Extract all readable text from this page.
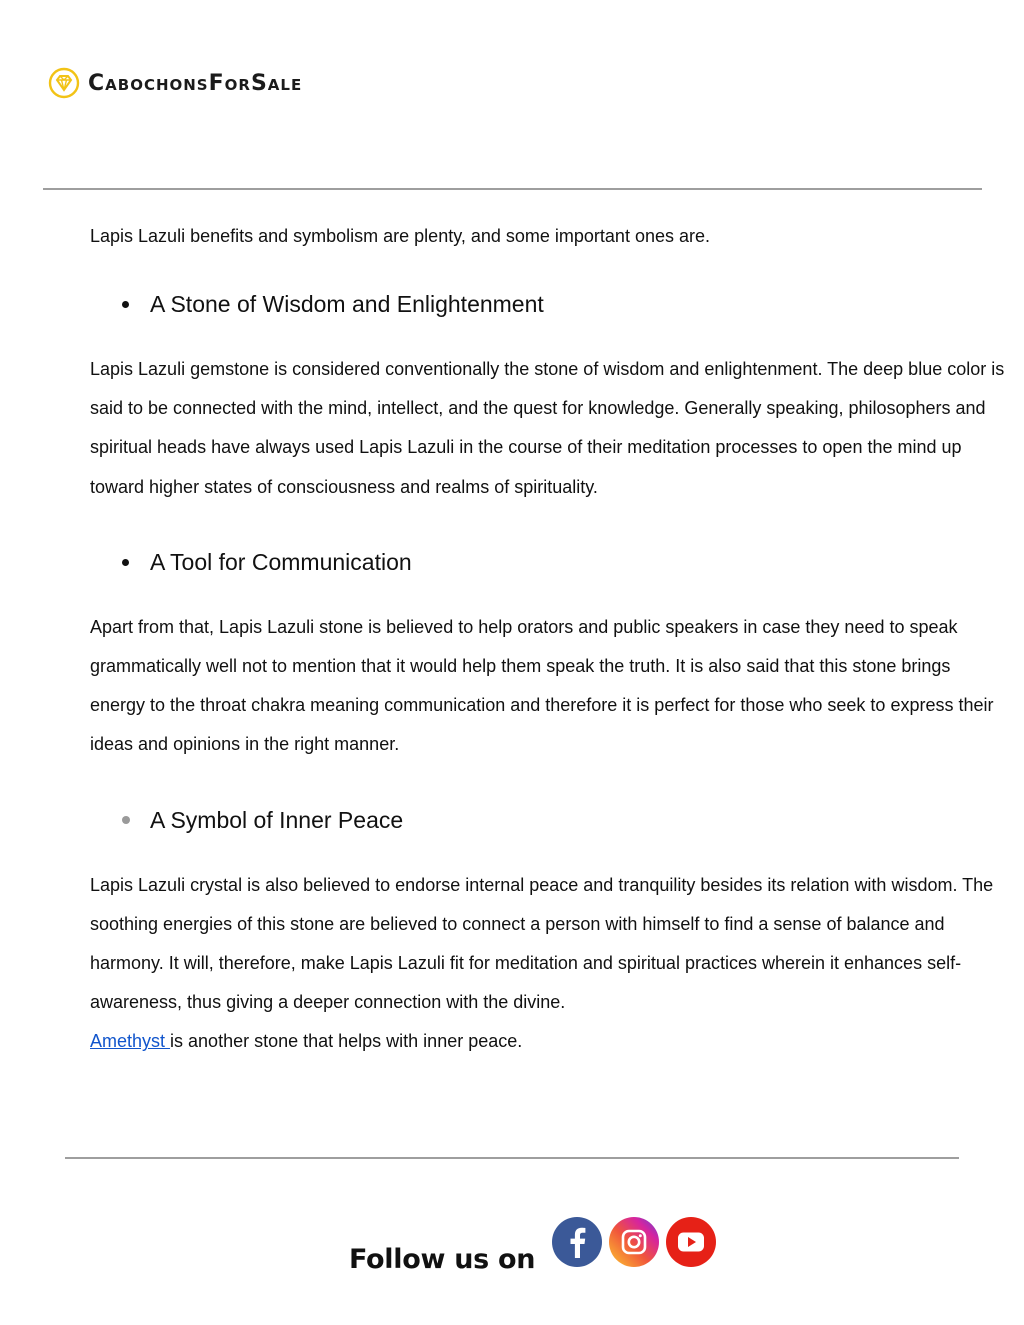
CabochonsForSale

Lapis Lazuli benefits and symbolism are plenty, and some important ones are.

A Stone of Wisdom and Enlightenment

Lapis Lazuli gemstone is considered conventionally the stone of wisdom and enlightenment. The deep blue color is said to be connected with the mind, intellect, and the quest for knowledge. Generally speaking, philosophers and spiritual heads have always used Lapis Lazuli in the course of their meditation processes to open the mind up toward higher states of consciousness and realms of spirituality.

A Tool for Communication

Apart from that, Lapis Lazuli stone is believed to help orators and public speakers in case they need to speak grammatically well not to mention that it would help them speak the truth. It is also said that this stone brings energy to the throat chakra meaning communication and therefore it is perfect for those who seek to express their ideas and opinions in the right manner.

A Symbol of Inner Peace

Lapis Lazuli crystal is also believed to endorse internal peace and tranquility besides its relation with wisdom. The soothing energies of this stone are believed to connect a person with himself to find a sense of balance and harmony. It will, therefore, make Lapis Lazuli fit for meditation and spiritual practices wherein it enhances self-awareness, thus giving a deeper connection with the divine.
Amethyst is another stone that helps with inner peace.

Follow us on
